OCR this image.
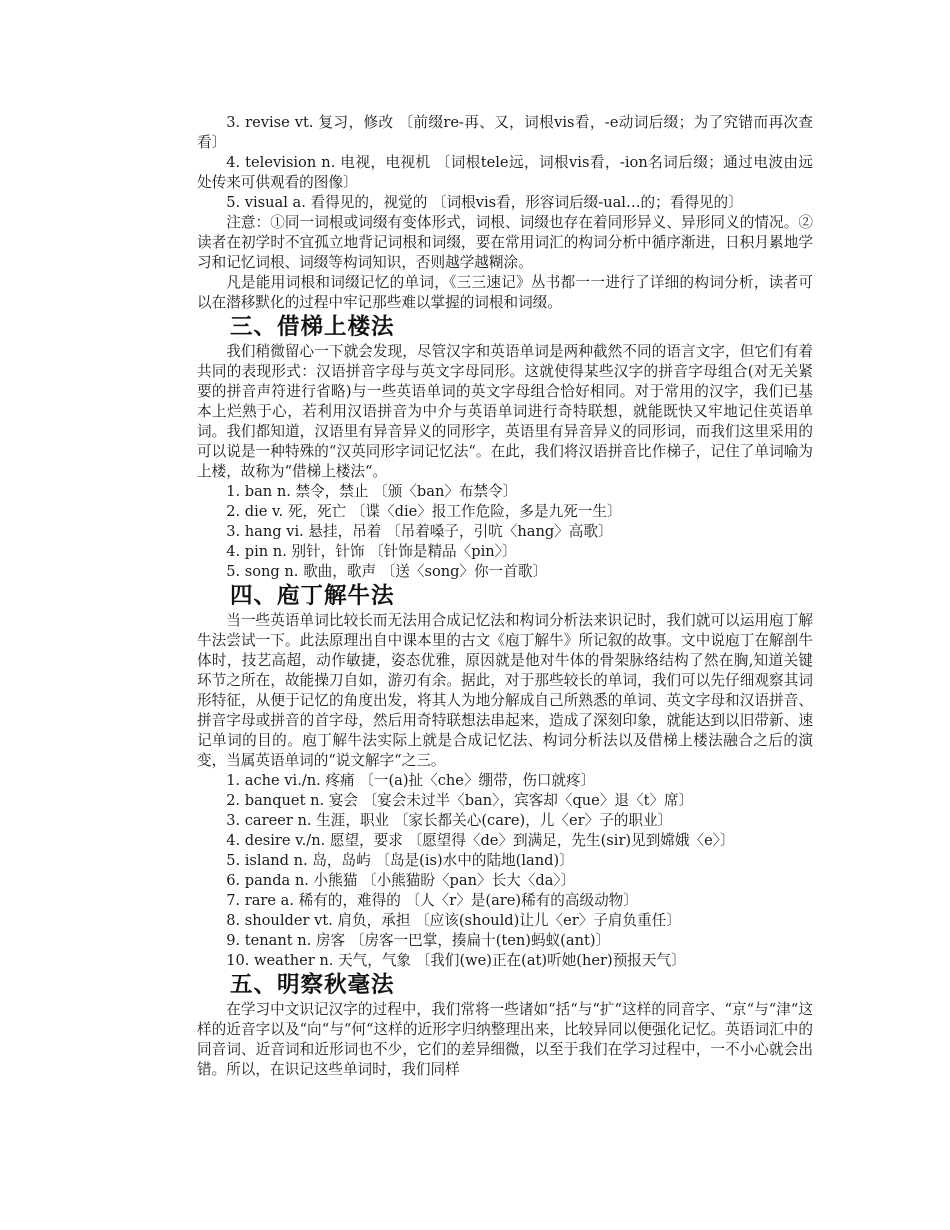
3. revise vt. 复习，修改 〔前缀re-再、又，词根vis看，-e动词后缀；为了究错而再次查看〕

4. television n. 电视，电视机 〔词根tele远，词根vis看，-ion名词后缀；通过电波由远处传来可供观看的图像〕

5. visual a. 看得见的，视觉的 〔词根vis看，形容词后缀-ual…的；看得见的〕

注意：①同一词根或词缀有变体形式，词根、词缀也存在着同形异义、异形同义的情况。②读者在初学时不宜孤立地背记词根和词缀，要在常用词汇的构词分析中循序渐进，日积月累地学习和记忆词根、词缀等构词知识，否则越学越糊涂。

凡是能用词根和词缀记忆的单词，《三三速记》丛书都一一进行了详细的构词分析，读者可以在潜移默化的过程中牢记那些难以掌握的词根和词缀。

三、借梯上楼法

我们稍微留心一下就会发现，尽管汉字和英语单词是两种截然不同的语言文字，但它们有着共同的表现形式：汉语拼音字母与英文字母同形。这就使得某些汉字的拼音字母组合(对无关紧要的拼音声符进行省略)与一些英语单词的英文字母组合恰好相同。对于常用的汉字，我们已基本上烂熟于心，若利用汉语拼音为中介与英语单词进行奇特联想，就能既快又牢地记住英语单词。我们都知道，汉语里有异音异义的同形字，英语里有异音异义的同形词，而我们这里采用的可以说是一种特殊的“汉英同形字词记忆法“。在此，我们将汉语拼音比作梯子，记住了单词喻为上楼，故称为“借梯上楼法“。

1. ban n. 禁令，禁止 〔颁〈ban〉布禁令〕

2. die v. 死，死亡 〔谍〈die〉报工作危险，多是九死一生〕

3. hang vi. 悬挂，吊着 〔吊着嗓子，引吭〈hang〉高歌〕

4. pin n. 别针，针饰 〔针饰是精品〈pin〉〕

5. song n. 歌曲，歌声 〔送〈song〉你一首歌〕

四、庖丁解牛法

当一些英语单词比较长而无法用合成记忆法和构词分析法来识记时，我们就可以运用庖丁解牛法尝试一下。此法原理出自中课本里的古文《庖丁解牛》所记叙的故事。文中说庖丁在解剖牛体时，技艺高超，动作敏捷，姿态优雅，原因就是他对牛体的骨架脉络结构了然在胸,知道关键环节之所在，故能操刀自如，游刃有余。据此，对于那些较长的单词，我们可以先仔细观察其词形特征，从便于记忆的角度出发，将其人为地分解成自己所熟悉的单词、英文字母和汉语拼音、拼音字母或拼音的首字母，然后用奇特联想法串起来，造成了深刻印象，就能达到以旧带新、速记单词的目的。庖丁解牛法实际上就是合成记忆法、构词分析法以及借梯上楼法融合之后的演变，当属英语单词的“说文解字“之三。

1. ache vi./n. 疼痛 〔一(a)扯〈che〉绷带，伤口就疼〕

2. banquet n. 宴会 〔宴会未过半〈ban〉，宾客却〈que〉退〈t〉席〕

3. career n. 生涯，职业 〔家长都关心(care)，儿〈er〉子的职业〕

4. desire v./n. 愿望，要求 〔愿望得〈de〉到满足，先生(sir)见到嫦娥〈e〉〕

5. island n. 岛，岛屿 〔岛是(is)水中的陆地(land)〕

6. panda n. 小熊猫 〔小熊猫盼〈pan〉长大〈da〉〕

7. rare a. 稀有的，难得的 〔人〈r〉是(are)稀有的高级动物〕

8. shoulder vt. 肩负，承担 〔应该(should)让儿〈er〉子肩负重任〕

9. tenant n. 房客 〔房客一巴掌，揍扁十(ten)蚂蚁(ant)〕

10. weather n. 天气，气象 〔我们(we)正在(at)听她(her)预报天气〕

五、明察秋毫法

在学习中文识记汉字的过程中，我们常将一些诸如“括“与“扩“这样的同音字、“京“与“津“这样的近音字以及“向“与“何“这样的近形字归纳整理出来，比较异同以便强化记忆。英语词汇中的同音词、近音词和近形词也不少，它们的差异细微，以至于我们在学习过程中，一不小心就会出错。所以，在识记这些单词时，我们同样
